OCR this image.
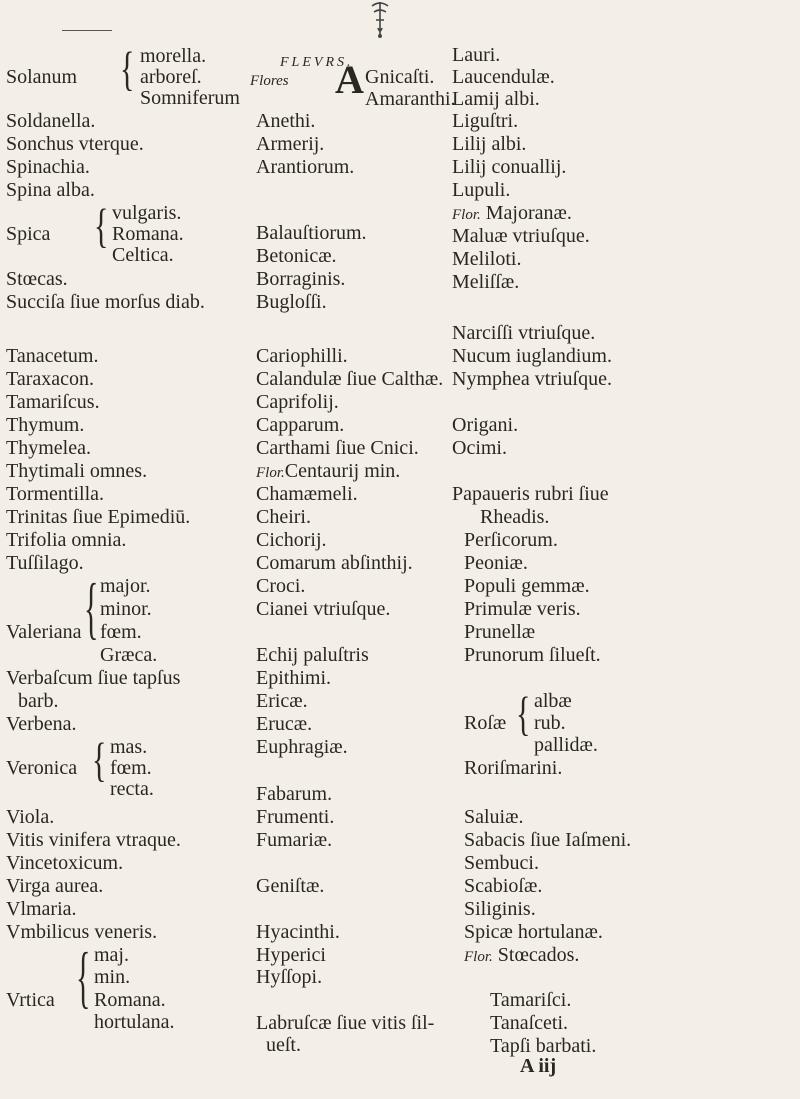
morella.
Solanum { arboreſ.
Somniferum
Soldanella.
Sonchus vterque.
Spinachia.
Spina alba.
vulgaris.
Spica { Romana.
Celtica.
Stœcas.
Succiſa ſiue morſus diab.
Tanacetum.
Taraxacon.
Tamariſcus.
Thymum.
Thymelea.
Thytimali omnes.
Tormentilla.
Trinitas ſiue Epimediū.
Trifolia omnia.
Tuſſilago.
major.
minor.
Valeriana { fœm.
Græca.
Verbaſcum ſiue tapſus
barb.
Verbena.
mas.
Veronica { fœm.
recta.
Viola.
Vitis vinifera vtraque.
Vincetoxicum.
Virga aurea.
Vlmaria.
Vmbilicus veneris.
maj.
min.
Vrtica { Romana.
hortulana.
FLEVRS.
Flores A Gnicaſti.
Amaranthi.
Anethi.
Armerij.
Arantiorum.
Balauſtiorum.
Betonicæ.
Borraginis.
Bugloſſi.
Cariophilli.
Calandulæ ſiue Calthæ.
Caprifolij.
Capparum.
Carthami ſiue Cnici.
Flor.Centaurij min.
Chamæmeli.
Cheiri.
Cichorij.
Comarum abſinthij.
Croci.
Cianei vtriuſque.
Echij paluſtris
Epithimi.
Ericæ.
Erucæ.
Euphragiæ.
Fabarum.
Frumenti.
Fumariæ.
Geniſtæ.
Hyacinthi.
Hyperici
Hyſſopi.
Labruſcæ ſiue vitis ſil-
ueſt.
Lauri.
Laucendulæ.
Lamij albi.
Liguſtri.
Lilij albi.
Lilij conuallij.
Lupuli.
Flor. Majoranæ.
Maluæ vtriuſque.
Meliloti.
Meliſſæ.
Narciſſi vtriuſque.
Nucum iuglandium.
Nymphea vtriuſque.
Origani.
Ocimi.
Papaueris rubri ſiue
Rheadis.
Perſicorum.
Peoniæ.
Populi gemmæ.
Primulæ veris.
Prunellæ
Prunorum ſilueſt.
albæ
Roſæ { rub.
pallidæ.
Roriſmarini.
Saluiæ.
Sabacis ſiue Iaſmeni.
Sembuci.
Scabioſæ.
Siliginis.
Spicæ hortulanæ.
Flor. Stœcados.
Tamariſci.
Tanaſceti.
Tapſi barbati.
A iij
